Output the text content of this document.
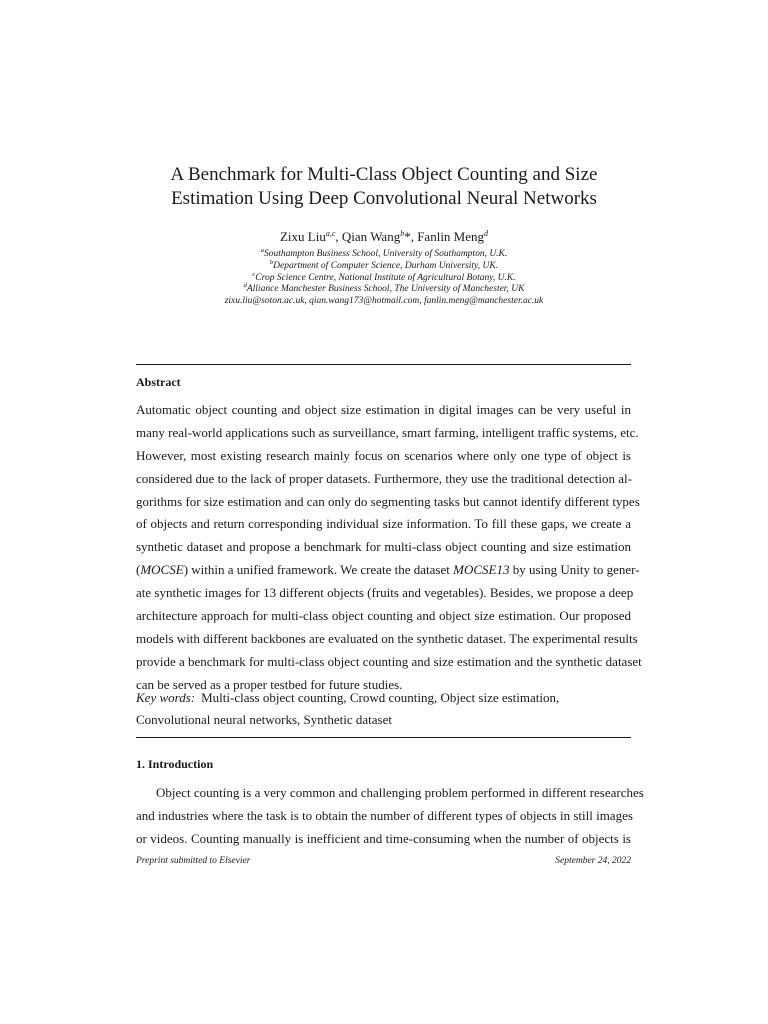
A Benchmark for Multi-Class Object Counting and Size
Estimation Using Deep Convolutional Neural Networks
Zixu Liu$^{a,c}$, Qian Wang$^b$*, Fanlin Meng$^d$
$^a$Southampton Business School, University of Southampton, U.K.
$^b$Department of Computer Science, Durham University, UK.
$^c$Crop Science Centre, National Institute of Agricultural Botany, U.K.
$^d$Alliance Manchester Business School, The University of Manchester, UK
zixu.liu@soton.ac.uk, qian.wang173@hotmail.com, fanlin.meng@manchester.ac.uk
Abstract
Automatic object counting and object size estimation in digital images can be very useful in
many real-world applications such as surveillance, smart farming, intelligent traffic systems, etc.
However, most existing research mainly focus on scenarios where only one type of object is
considered due to the lack of proper datasets. Furthermore, they use the traditional detection al-
gorithms for size estimation and can only do segmenting tasks but cannot identify different types
of objects and return corresponding individual size information. To fill these gaps, we create a
synthetic dataset and propose a benchmark for multi-class object counting and size estimation
(MOCSE) within a unified framework. We create the dataset MOCSE13 by using Unity to gener-
ate synthetic images for 13 different objects (fruits and vegetables). Besides, we propose a deep
architecture approach for multi-class object counting and object size estimation. Our proposed
models with different backbones are evaluated on the synthetic dataset. The experimental results
provide a benchmark for multi-class object counting and size estimation and the synthetic dataset
can be served as a proper testbed for future studies.
Key words: Multi-class object counting, Crowd counting, Object size estimation,
Convolutional neural networks, Synthetic dataset
1. Introduction
Object counting is a very common and challenging problem performed in different researches
and industries where the task is to obtain the number of different types of objects in still images
or videos. Counting manually is inefficient and time-consuming when the number of objects is
Preprint submitted to Elsevier	September 24, 2022
